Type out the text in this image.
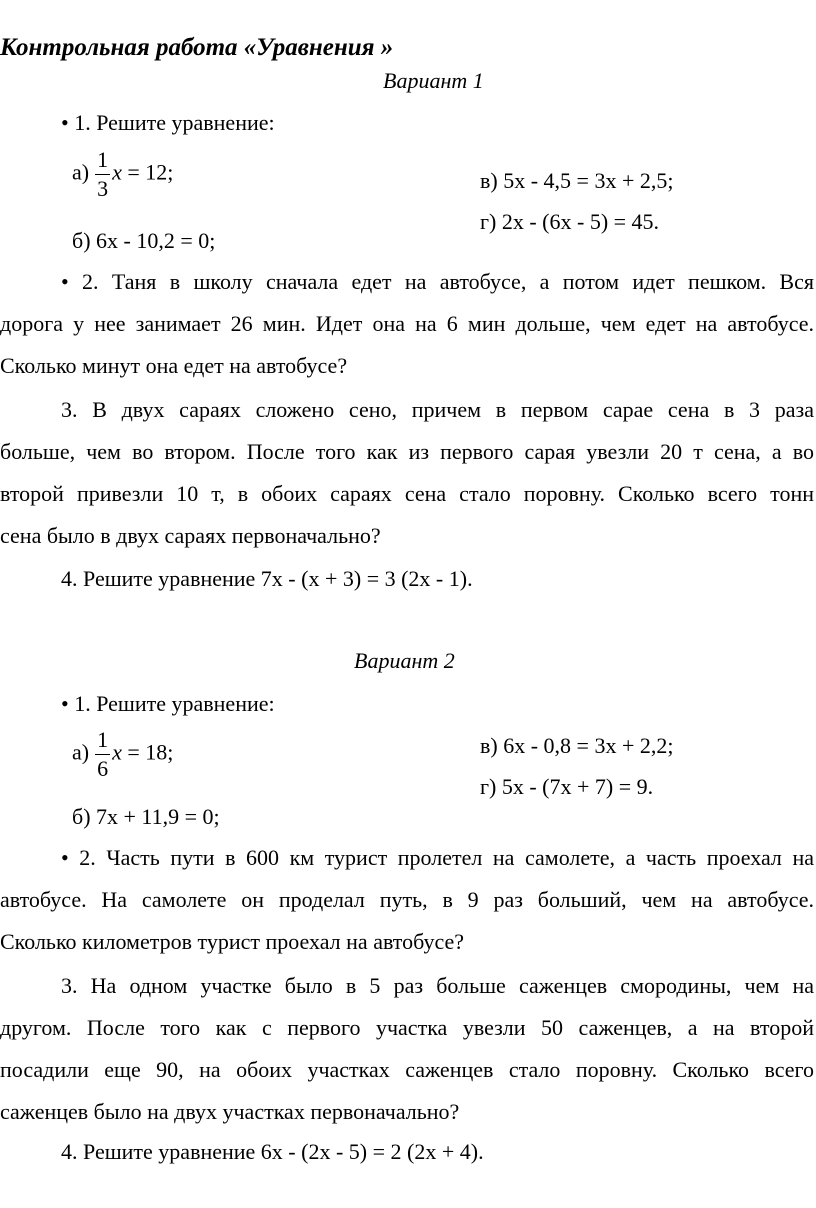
Контрольная работа «Уравнения »
Вариант 1
• 1. Решите уравнение:
$а) \frac{1}{3}$ x = 12;	в) 5x - 4,5 = 3x + 2,5;
г) 2x - (6x - 5) = 45.
б) 6x - 10,2 = 0;
• 2. Таня в школу сначала едет на автобусе, а потом идет пешком. Вся
дорога у нее занимает 26 мин. Идет она на 6 мин дольше, чем едет на автобусе.
Сколько минут она едет на автобусе?
3. В двух сараях сложено сено, причем в первом сарае сена в 3 раза
больше, чем во втором. После того как из первого сарая увезли 20 т сена, а во
второй привезли 10 т, в обоих сараях сена стало поровну. Сколько всего тонн
сена было в двух сараях первоначально?
4. Решите уравнение 7x - (x + 3) = 3 (2x - 1).
Вариант 2
• 1. Решите уравнение:
в) 6x - 0,8 = 3x + 2,2;
$а) \frac{1}{6}$ x = 18;
г) 5x - (7x + 7) = 9.
б) 7x + 11,9 = 0;
• 2. Часть пути в 600 км турист пролетел на самолете, а часть проехал на
автобусе. На самолете он проделал путь, в 9 раз больший, чем на автобусе.
Сколько километров турист проехал на автобусе?
3. На одном участке было в 5 раз больше саженцев смородины, чем на
другом. После того как с первого участка увезли 50 саженцев, а на второй
посадили еще 90, на обоих участках саженцев стало поровну. Сколько всего
саженцев было на двух участках первоначально?
4. Решите уравнение 6x - (2x - 5) = 2 (2x + 4).
